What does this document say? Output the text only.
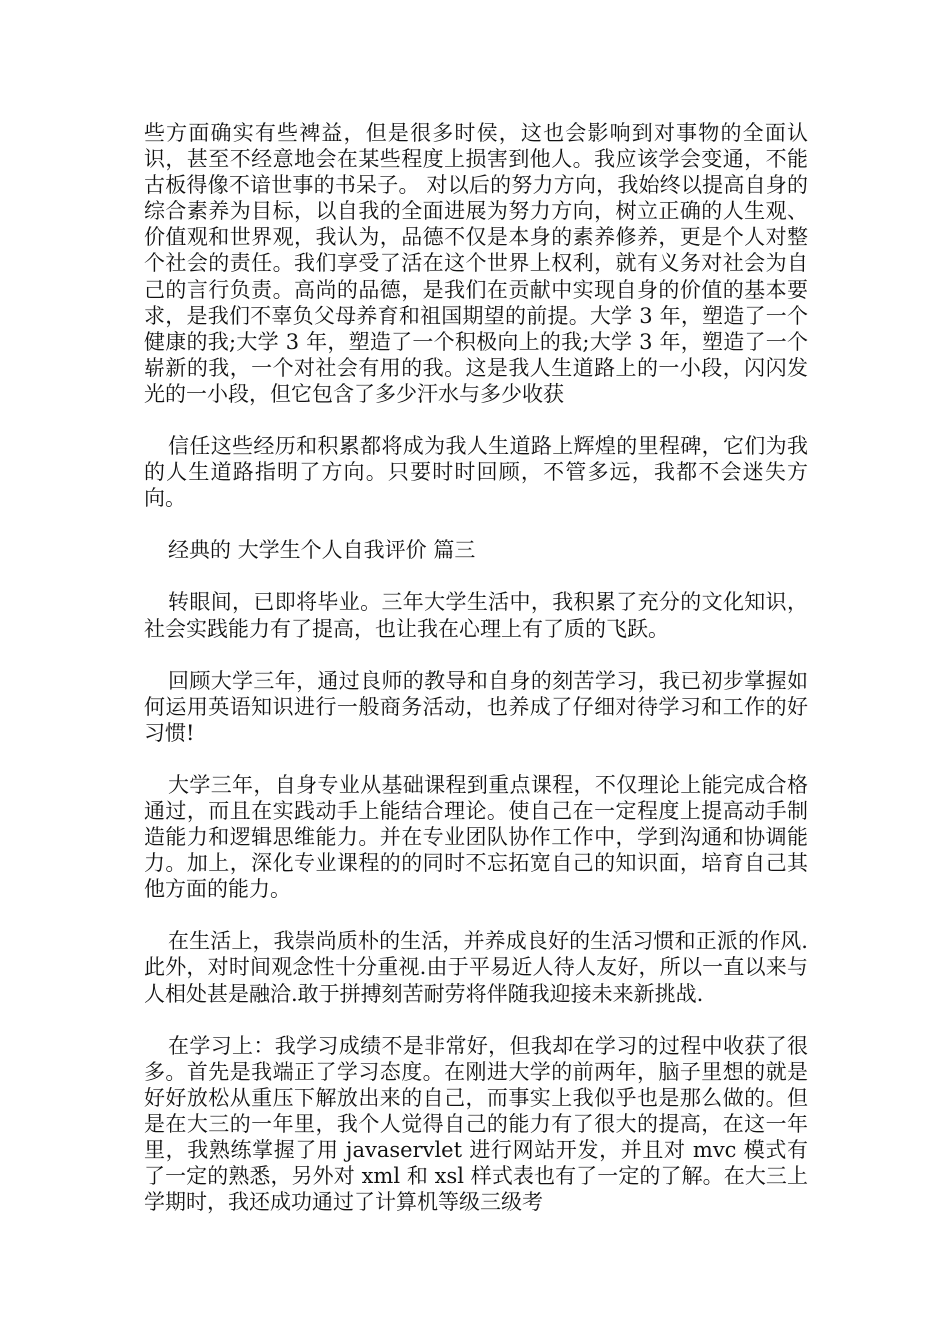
些方面确实有些裨益，但是很多时侯，这也会影响到对事物的全面认识，甚至不经意地会在某些程度上损害到他人。我应该学会变通，不能古板得像不谙世事的书呆子。 对以后的努力方向，我始终以提高自身的综合素养为目标，以自我的全面进展为努力方向，树立正确的人生观、价值观和世界观，我认为，品德不仅是本身的素养修养，更是个人对整个社会的责任。我们享受了活在这个世界上权利，就有义务对社会为自己的言行负责。高尚的品德，是我们在贡献中实现自身的价值的基本要求，是我们不辜负父母养育和祖国期望的前提。大学 3 年，塑造了一个健康的我;大学 3 年，塑造了一个积极向上的我;大学 3 年，塑造了一个崭新的我，一个对社会有用的我。这是我人生道路上的一小段，闪闪发光的一小段，但它包含了多少汗水与多少收获

信任这些经历和积累都将成为我人生道路上辉煌的里程碑，它们为我的人生道路指明了方向。只要时时回顾，不管多远，我都不会迷失方向。

经典的 大学生个人自我评价 篇三

转眼间，已即将毕业。三年大学生活中，我积累了充分的文化知识，社会实践能力有了提高，也让我在心理上有了质的飞跃。

回顾大学三年，通过良师的教导和自身的刻苦学习，我已初步掌握如何运用英语知识进行一般商务活动，也养成了仔细对待学习和工作的好习惯!

大学三年，自身专业从基础课程到重点课程，不仅理论上能完成合格通过，而且在实践动手上能结合理论。使自己在一定程度上提高动手制造能力和逻辑思维能力。并在专业团队协作工作中，学到沟通和协调能力。加上，深化专业课程的的同时不忘拓宽自己的知识面，培育自己其他方面的能力。

在生活上，我崇尚质朴的生活，并养成良好的生活习惯和正派的作风.此外，对时间观念性十分重视.由于平易近人待人友好，所以一直以来与人相处甚是融洽.敢于拼搏刻苦耐劳将伴随我迎接未来新挑战.

在学习上：我学习成绩不是非常好，但我却在学习的过程中收获了很多。首先是我端正了学习态度。在刚进大学的前两年，脑子里想的就是好好放松从重压下解放出来的自己，而事实上我似乎也是那么做的。但是在大三的一年里，我个人觉得自己的能力有了很大的提高，在这一年里，我熟练掌握了用 javaservlet 进行网站开发，并且对 mvc 模式有了一定的熟悉，另外对 xml 和 xsl 样式表也有了一定的了解。在大三上学期时，我还成功通过了计算机等级三级考
